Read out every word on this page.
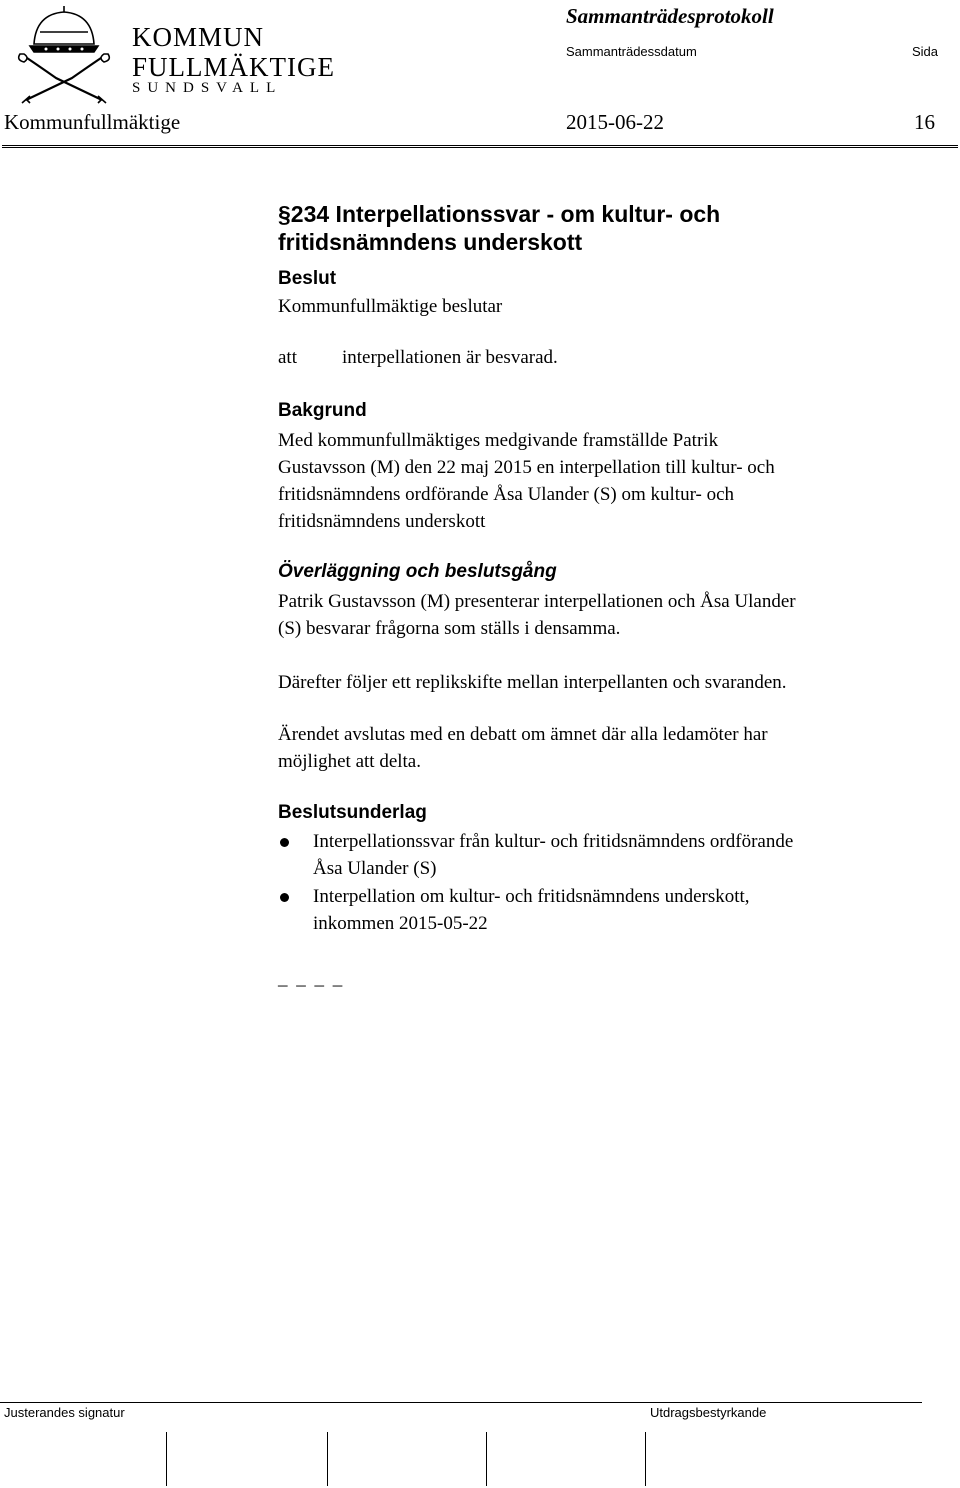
KOMMUN
FULLMÄKTIGE
SUNDSVALL
Sammanträdesprotokoll
Sammanträdessdatum	Sida
Kommunfullmäktige	2015-06-22	16
§234 Interpellationssvar - om kultur- och
fritidsnämndens underskott
Beslut
Kommunfullmäktige beslutar
att interpellationen är besvarad.
Bakgrund
Med kommunfullmäktiges medgivande framställde Patrik
Gustavsson (M) den 22 maj 2015 en interpellation till kultur- och
fritidsnämndens ordförande Åsa Ulander (S) om kultur- och
fritidsnämndens underskott
Överläggning och beslutsgång
Patrik Gustavsson (M) presenterar interpellationen och Åsa Ulander
(S) besvarar frågorna som ställs i densamma.
Därefter följer ett replikskifte mellan interpellanten och svaranden.
Ärendet avslutas med en debatt om ämnet där alla ledamöter har
möjlighet att delta.
Beslutsunderlag
Interpellationssvar från kultur- och fritidsnämndens ordförande
Åsa Ulander (S)
Interpellation om kultur- och fritidsnämndens underskott,
inkommen 2015-05-22
_ _ _ _
Justerandes signatur	Utdragsbestyrkande
